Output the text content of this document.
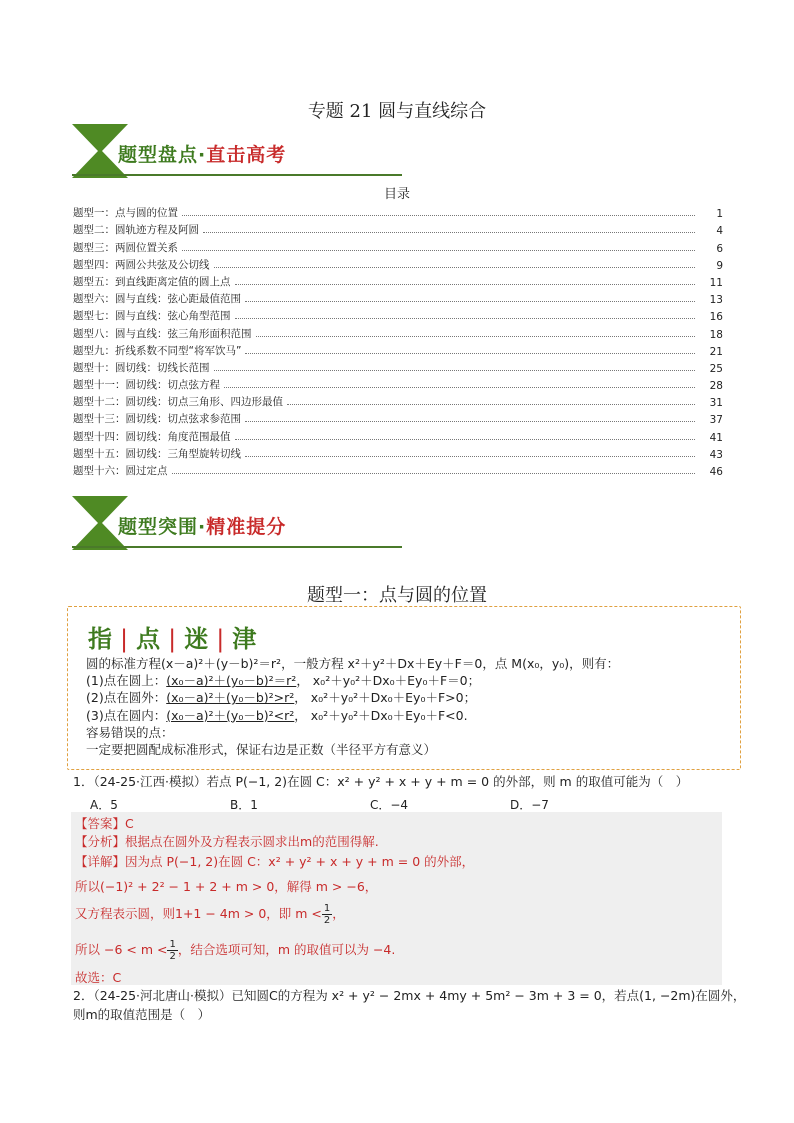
专题 21 圆与直线综合
题型盘点·直击高考
目录
题型一：点与圆的位置	1
题型二：圆轨迹方程及阿圆	4
题型三：两圆位置关系	6
题型四：两圆公共弦及公切线	9
题型五：到直线距离定值的圆上点	11
题型六：圆与直线：弦心距最值范围	13
题型七：圆与直线：弦心角型范围	16
题型八：圆与直线：弦三角形面积范围	18
题型九：折线系数不同型“将军饮马”	21
题型十：圆切线：切线长范围	25
题型十一：圆切线：切点弦方程	28
题型十二：圆切线：切点三角形、四边形最值	31
题型十三：圆切线：切点弦求参范围	37
题型十四：圆切线：角度范围最值	41
题型十五：圆切线：三角型旋转切线	43
题型十六：圆过定点	46
题型突围·精准提分
题型一：点与圆的位置
指 | 点 | 迷 | 津
圆的标准方程(x－a)²＋(y－b)²＝r²，一般方程 x²＋y²＋Dx＋Ey＋F＝0，点 M(x₀，y₀)，则有：
(1)点在圆上：(x₀－a)²＋(y₀－b)²＝r²， x₀²＋y₀²＋Dx₀＋Ey₀＋F＝0；
(2)点在圆外：(x₀－a)²＋(y₀－b)²>r²， x₀²＋y₀²＋Dx₀＋Ey₀＋F>0；
(3)点在圆内：(x₀－a)²＋(y₀－b)²<r²， x₀²＋y₀²＋Dx₀＋Ey₀＋F<0.
容易错误的点：
一定要把圆配成标准形式，保证右边是正数（半径平方有意义）
1．（24-25·江西·模拟）若点 P(−1, 2)在圆 C：x² + y² + x + y + m = 0 的外部，则 m 的取值可能为（　）
A．5	B．1	C．−4	D．−7
【答案】C
【分析】根据点在圆外及方程表示圆求出m的范围得解.
【详解】因为点 P(−1, 2)在圆 C：x² + y² + x + y + m = 0 的外部，
所以(−1)² + 2² − 1 + 2 + m > 0，解得 m > −6，
又方程表示圆，则1+1 − 4m > 0，即 $m < \frac{1}{2}$，
所以 $-6 < m < \frac{1}{2}$，结合选项可知，m 的取值可以为 −4.
故选：C
2．（24-25·河北唐山·模拟）已知圆C的方程为 x² + y² − 2mx + 4my + 5m² − 3m + 3 = 0，若点(1, −2m)在圆外，
则m的取值范围是（　）
